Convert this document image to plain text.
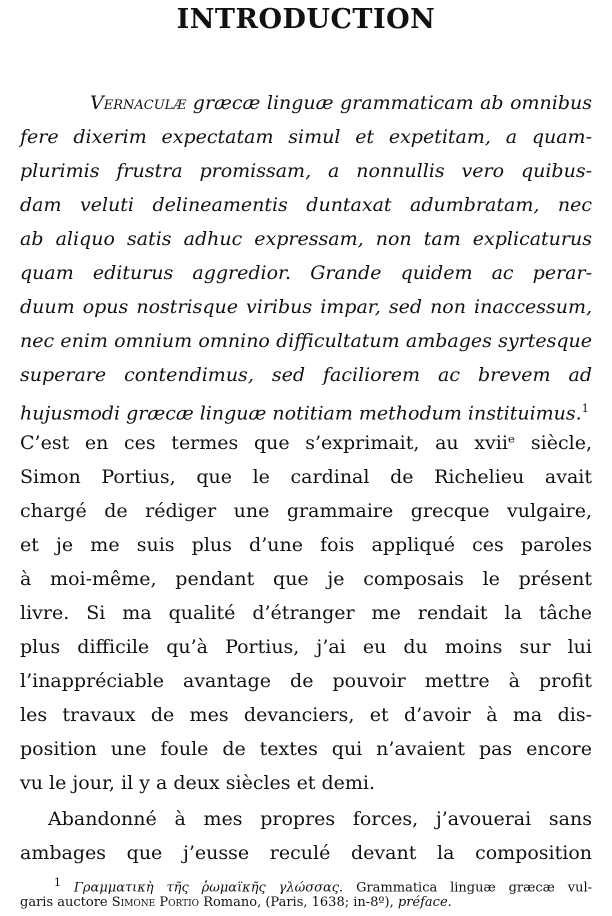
INTRODUCTION
Vernaculæ græcæ linguæ grammaticam ab omnibus
fere dixerim expectatam simul et expetitam, a quam-
plurimis frustra promissam, a nonnullis vero quibus-
dam veluti delineamentis duntaxat adumbratam, nec
ab aliquo satis adhuc expressam, non tam explicaturus
quam editurus aggredior. Grande quidem ac perar-
duum opus nostrisque viribus impar, sed non inaccessum,
nec enim omnium omnino difficultatum ambages syrtesque
superare contendimus, sed faciliorem ac brevem ad
hujusmodi græcæ linguæ notitiam methodum instituimus.$^1$
C’est en ces termes que s’exprimait, au xviiᵉ siècle,
Simon Portius, que le cardinal de Richelieu avait
chargé de rédiger une grammaire grecque vulgaire,
et je me suis plus d’une fois appliqué ces paroles
à moi-même, pendant que je composais le présent
livre. Si ma qualité d’étranger me rendait la tâche
plus difficile qu’à Portius, j’ai eu du moins sur lui
l’inappréciable avantage de pouvoir mettre à profit
les travaux de mes devanciers, et d’avoir à ma dis-
position une foule de textes qui n’avaient pas encore
vu le jour, il y a deux siècles et demi.
Abandonné à mes propres forces, j’avouerai sans
ambages que j’eusse reculé devant la composition
$^1$ Γραμματικὴ τῆς ῥωμαϊκῆς γλώσσας. Grammatica linguæ græcæ vul-
garis auctore Simone Portio Romano, (Paris, 1638; in-8º), préface.
